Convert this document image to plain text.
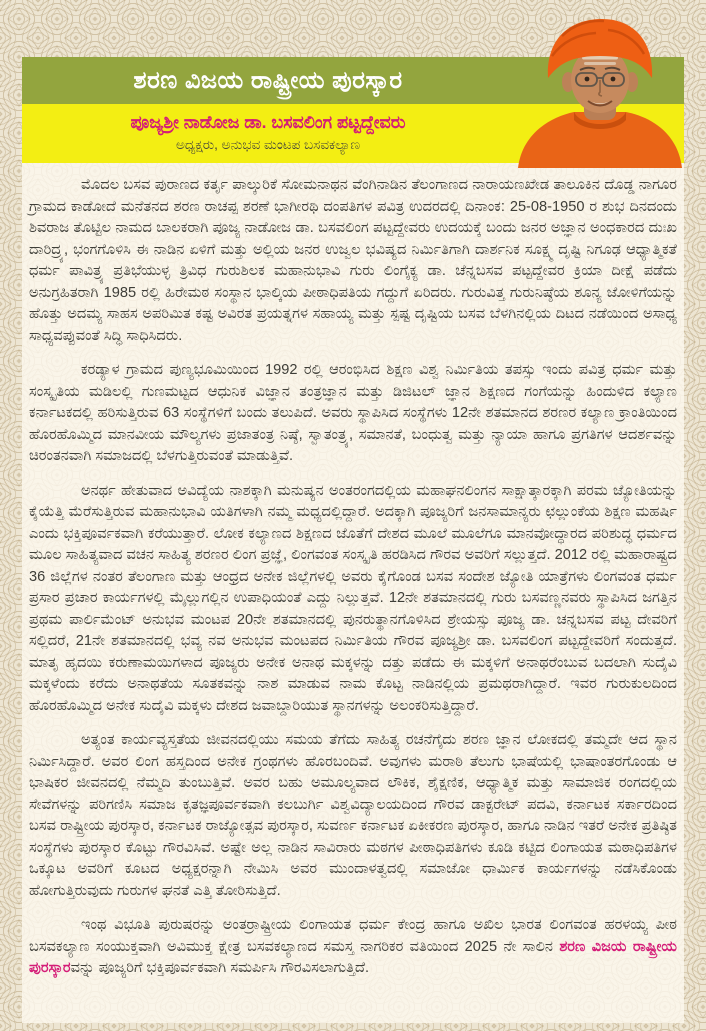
ಶರಣ ವಿಜಯ ರಾಷ್ಟ್ರೀಯ ಪುರಸ್ಕಾರ
ಪೂಜ್ಯಶ್ರೀ ನಾಡೋಜ ಡಾ. ಬಸವಲಿಂಗ ಪಟ್ಟದ್ದೇವರು
ಅಧ್ಯಕ್ಷರು, ಅನುಭವ ಮಂಟಪ ಬಸವಕಲ್ಯಾಣ

ಮೊದಲ ಬಸವ ಪುರಾಣದ ಕರ್ತೃ ಪಾಲ್ಕುರಿಕೆ ಸೋಮನಾಥನ ವೆಂಗಿನಾಡಿನ ತೆಲಂಗಾಣದ ನಾರಾಯಣಖೇಡ ತಾಲೂಕಿನ ದೊಡ್ಡ ನಾಗೂರ ಗ್ರಾಮದ ಕಾಡೋದೆ ಮನೆತನದ ಶರಣ ರಾಚಪ್ಪ ಶರಣೆ ಭಾಗೀರಥಿ ದಂಪತಿಗಳ ಪವಿತ್ರ ಉದರದಲ್ಲಿ ದಿನಾಂಕ: 25-08-1950 ರ ಶುಭ ದಿನದಂದು ಶಿವರಾಜ ತೊಟ್ಟಿಲ ನಾಮದ ಬಾಲಕರಾಗಿ ಪೂಜ್ಯ ನಾಡೋಜ ಡಾ. ಬಸವಲಿಂಗ ಪಟ್ಟದ್ದೇವರು ಉದಯಕ್ಕೆ ಬಂದು ಜನರ ಅಜ್ಞಾನ ಅಂಧಕಾರದ ದುಃಖ ದಾರಿದ್ರ್ಯ, ಭಂಗಗೊಳಿಸಿ ಈ ನಾಡಿನ ಏಳಿಗೆ ಮತ್ತು ಅಲ್ಲಿಯ ಜನರ ಉಜ್ವಲ ಭವಿಷ್ಯದ ನಿರ್ಮಿತಿಗಾಗಿ ದಾರ್ಶನಿಕ ಸೂಕ್ಷ್ಮ ದೃಷ್ಟಿ ನಿಗೂಢ ಆಧ್ಯಾತ್ಮಿಕತೆ ಧರ್ಮ ಪಾವಿತ್ರ್ಯ ಪ್ರತಿಭೆಯುಳ್ಳ ತ್ರಿವಿಧ ಗುರುಶಿಲಕ ಮಹಾನುಭಾವಿ ಗುರು ಲಿಂಗೈಕ್ಯ ಡಾ. ಚೆನ್ನಬಸವ ಪಟ್ಟದ್ದೇವರ ಕ್ರಿಯಾ ದೀಕ್ಷೆ ಪಡೆದು ಅನುಗ್ರಹಿತರಾಗಿ 1985 ರಲ್ಲಿ ಹಿರೇಮಠ ಸಂಸ್ಥಾನ ಭಾಲ್ಕಿಯ ಪೀಠಾಧಿಪತಿಯ ಗದ್ದುಗೆ ಏರಿದರು. ಗುರುವಿತ್ತ ಗುರುನಿಷ್ಠೆಯ ಶೂನ್ಯ ಜೋಳಿಗೆಯನ್ನು ಹೊತ್ತು ಅದಮ್ಯ ಸಾಹಸ ಅಪರಿಮಿತ ಕಷ್ಟ ಅವಿರತ ಪ್ರಯತ್ನಗಳ ಸಹಾಯ್ಯ ಮತ್ತು ಸ್ಪಷ್ಟ ದೃಷ್ಟಿಯ ಬಸವ ಬೆಳಗಿನಲ್ಲಿಯ ದಿಟದ ನಡೆಯಿಂದ ಅಸಾಧ್ಯ ಸಾಧ್ಯವಪ್ಪುವಂತೆ ಸಿದ್ಧಿ ಸಾಧಿಸಿದರು.

ಕರಡ್ಯಾಳ ಗ್ರಾಮದ ಪುಣ್ಯಭೂಮಿಯಿಂದ 1992 ರಲ್ಲಿ ಆರಂಭಿಸಿದ ಶಿಕ್ಷಣ ವಿಶ್ವ ನಿರ್ಮಿತಿಯ ತಪಸ್ಸು ಇಂದು ಪವಿತ್ರ ಧರ್ಮ ಮತ್ತು ಸಂಸ್ಕೃತಿಯ ಮಡಿಲಲ್ಲಿ ಗುಣಮಟ್ಟದ ಆಧುನಿಕ ವಿಜ್ಞಾನ ತಂತ್ರಜ್ಞಾನ ಮತ್ತು ಡಿಜಿಟಲ್ ಜ್ಞಾನ ಶಿಕ್ಷಣದ ಗಂಗೆಯನ್ನು ಹಿಂದುಳಿದ ಕಲ್ಯಾಣ ಕರ್ನಾಟಕದಲ್ಲಿ ಹರಿಸುತ್ತಿರುವ 63 ಸಂಸ್ಥೆಗಳಿಗೆ ಬಂದು ತಲುಪಿದೆ. ಅವರು ಸ್ಥಾಪಿಸಿದ ಸಂಸ್ಥೆಗಳು 12ನೇ ಶತಮಾನದ ಶರಣರ ಕಲ್ಯಾಣ ಕ್ರಾಂತಿಯಿಂದ ಹೊರಹೊಮ್ಮಿದ ಮಾನವೀಯ ಮೌಲ್ಯಗಳು ಪ್ರಜಾತಂತ್ರ ನಿಷ್ಠೆ, ಸ್ವಾತಂತ್ರ್ಯ, ಸಮಾನತೆ, ಬಂಧುತ್ವ ಮತ್ತು ನ್ಯಾಯಾ ಹಾಗೂ ಪ್ರಗತಿಗಳ ಆದರ್ಶವನ್ನು ಚಿರಂತನವಾಗಿ ಸಮಾಜದಲ್ಲಿ ಬೆಳಗುತ್ತಿರುವಂತೆ ಮಾಡುತ್ತಿವೆ.

ಅನರ್ಥ ಹೇತುವಾದ ಅವಿದ್ಯೆಯ ನಾಶಕ್ಕಾಗಿ ಮನುಷ್ಯನ ಅಂತರಂಗದಲ್ಲಿಯ ಮಹಾಘನಲಿಂಗನ ಸಾಕ್ಷಾತ್ಕಾರಕ್ಕಾಗಿ ಪರಮ ಜ್ಯೋತಿಯನ್ನು ಕೈಯೆತ್ತಿ ಮೆರೆಸುತ್ತಿರುವ ಮಹಾನುಭಾವಿ ಯತಿಗಳಾಗಿ ನಮ್ಮ ಮಧ್ಯದಲ್ಲಿದ್ದಾರೆ. ಅದಕ್ಕಾಗಿ ಪೂಜ್ಯರಿಗೆ ಜನಸಾಮಾನ್ಯರು ಛಲ್ಲುಂಕೆಯ ಶಿಕ್ಷಣ ಮಹರ್ಷಿ ಎಂದು ಭಕ್ತಿಪೂರ್ವಕವಾಗಿ ಕರೆಯುತ್ತಾರೆ. ಲೋಕ ಕಲ್ಯಾಣದ ಶಿಕ್ಷಣದ ಜೊತೆಗೆ ದೇಶದ ಮೂಲೆ ಮೂಲೆಗೂ ಮಾನವೋದ್ಧಾರದ ಪರಿಶುದ್ಧ ಧರ್ಮದ ಮೂಲ ಸಾಹಿತ್ಯವಾದ ವಚನ ಸಾಹಿತ್ಯ ಶರಣರ ಲಿಂಗ ಪ್ರಜ್ಞೆ, ಲಿಂಗವಂತ ಸಂಸ್ಕೃತಿ ಹರಡಿಸಿದ ಗೌರವ ಅವರಿಗೆ ಸಲ್ಲುತ್ತದೆ. 2012 ರಲ್ಲಿ ಮಹಾರಾಷ್ಟ್ರದ 36 ಜಿಲ್ಲೆಗಳ ನಂತರ ತೆಲಂಗಾಣ ಮತ್ತು ಆಂಧ್ರದ ಅನೇಕ ಜಿಲ್ಲೆಗಳಲ್ಲಿ ಅವರು ಕೈಗೊಂಡ ಬಸವ ಸಂದೇಶ ಜ್ಯೋತಿ ಯಾತ್ರೆಗಳು ಲಿಂಗವಂತ ಧರ್ಮ ಪ್ರಸಾರ ಪ್ರಚಾರ ಕಾರ್ಯಗಳಲ್ಲಿ ಮೈಲ್ಲುಗಲ್ಲಿನ ಉಪಾಧಿಯಂತೆ ಎದ್ದು ನಿಲ್ಲುತ್ತವೆ. 12ನೇ ಶತಮಾನದಲ್ಲಿ ಗುರು ಬಸವಣ್ಣನವರು ಸ್ಥಾಪಿಸಿದ ಜಗತ್ತಿನ ಪ್ರಥಮ ಪಾರ್ಲಿಮೆಂಟ್ ಅನುಭವ ಮಂಟಪ 20ನೇ ಶತಮಾನದಲ್ಲಿ ಪುನರುತ್ಥಾನಗೊಳಿಸಿದ ಶ್ರೇಯಸ್ಸು ಪೂಜ್ಯ ಡಾ. ಚನ್ನಬಸವ ಪಟ್ಟ ದೇವರಿಗೆ ಸಲ್ಲಿದರೆ, 21ನೇ ಶತಮಾನದಲ್ಲಿ ಭವ್ಯ ನವ ಅನುಭವ ಮಂಟಪದ ನಿರ್ಮಿತಿಯ ಗೌರವ ಪೂಜ್ಯಶ್ರೀ ಡಾ. ಬಸವಲಿಂಗ ಪಟ್ಟದ್ದೇವರಿಗೆ ಸಂದುತ್ತದೆ. ಮಾತೃ ಹೃದಯಿ ಕರುಣಾಮಯಿಗಳಾದ ಪೂಜ್ಯರು ಅನೇಕ ಅನಾಥ ಮಕ್ಕಳನ್ನು ದತ್ತು ಪಡೆದು ಈ ಮಕ್ಕಳಿಗೆ ಅನಾಥರೆಂಬುವ ಬದಲಾಗಿ ಸುದೈವಿ ಮಕ್ಕಳೆಂದು ಕರೆದು ಅನಾಥತೆಯ ಸೂತಕವನ್ನು ನಾಶ ಮಾಡುವ ನಾಮ ಕೊಟ್ಟ ನಾಡಿನಲ್ಲಿಯ ಪ್ರಮಥರಾಗಿದ್ದಾರೆ. ಇವರ ಗುರುಕುಲದಿಂದ ಹೊರಹೊಮ್ಮಿದ ಅನೇಕ ಸುದೈವಿ ಮಕ್ಕಳು ದೇಶದ ಜವಾಬ್ದಾರಿಯುತ ಸ್ಥಾನಗಳನ್ನು ಅಲಂಕರಿಸುತ್ತಿದ್ದಾರೆ.

ಅತ್ಯಂತ ಕಾರ್ಯವ್ಯಸ್ತತೆಯ ಜೀವನದಲ್ಲಿಯು ಸಮಯ ತೆಗೆದು ಸಾಹಿತ್ಯ ರಚನೆಗೈದು ಶರಣ ಜ್ಞಾನ ಲೋಕದಲ್ಲಿ ತಮ್ಮದೇ ಆದ ಸ್ಥಾನ ನಿರ್ಮಿಸಿದ್ದಾರೆ. ಅವರ ಲಿಂಗ ಹಸ್ತದಿಂದ ಅನೇಕ ಗ್ರಂಥಗಳು ಹೊರಬಂದಿವೆ. ಅವುಗಳು ಮರಾಠಿ ತೆಲುಗು ಭಾಷೆಯಲ್ಲಿ ಭಾಷಾಂತರಗೊಂಡು ಆ ಭಾಷಿಕರ ಜೀವನದಲ್ಲಿ ನೆಮ್ಮದಿ ತುಂಬುತ್ತಿವೆ. ಅವರ ಬಹು ಅಮೂಲ್ಯವಾದ ಲೌಕಿಕ, ಶೈಕ್ಷಣಿಕ, ಆಧ್ಯಾತ್ಮಿಕ ಮತ್ತು ಸಾಮಾಜಿಕ ರಂಗದಲ್ಲಿಯ ಸೇವೆಗಳನ್ನು ಪರಿಗಣಿಸಿ ಸಮಾಜ ಕೃತಜ್ಞಪೂರ್ವಕವಾಗಿ ಕಲಬುರ್ಗಿ ವಿಶ್ವವಿದ್ಯಾಲಯದಿಂದ ಗೌರವ ಡಾಕ್ಟರೇಟ್ ಪದವಿ, ಕರ್ನಾಟಕ ಸರ್ಕಾರದಿಂದ ಬಸವ ರಾಷ್ಟ್ರೀಯ ಪುರಸ್ಕಾರ, ಕರ್ನಾಟಕ ರಾಜ್ಯೋತ್ಸವ ಪುರಸ್ಕಾರ, ಸುವರ್ಣ ಕರ್ನಾಟಕ ಏಕೀಕರಣ ಪುರಸ್ಕಾರ, ಹಾಗೂ ನಾಡಿನ ಇತರೆ ಅನೇಕ ಪ್ರತಿಷ್ಠಿತ ಸಂಸ್ಥೆಗಳು ಪುರಸ್ಕಾರ ಕೊಟ್ಟು ಗೌರವಿಸಿವೆ. ಅಷ್ಟೇ ಅಲ್ಲ ನಾಡಿನ ಸಾವಿರಾರು ಮಠಗಳ ಪೀಠಾಧಿಪತಿಗಳು ಕೂಡಿ ಕಟ್ಟಿದ ಲಿಂಗಾಯತ ಮಠಾಧಿಪತಿಗಳ ಒಕ್ಕೂಟ ಅವರಿಗೆ ಕೂಟದ ಅಧ್ಯಕ್ಷರನ್ನಾಗಿ ನೇಮಿಸಿ ಅವರ ಮುಂದಾಳತ್ವದಲ್ಲಿ ಸಮಾಜೋ ಧಾರ್ಮಿಕ ಕಾರ್ಯಗಳನ್ನು ನಡೆಸಿಕೊಂಡು ಹೋಗುತ್ತಿರುವುದು ಗುರುಗಳ ಘನತೆ ಎತ್ತಿ ತೋರಿಸುತ್ತಿದೆ.

ಇಂಥ ವಿಭೂತಿ ಪುರುಷರನ್ನು ಅಂತರ್ರಾಷ್ಟ್ರೀಯ ಲಿಂಗಾಯತ ಧರ್ಮ ಕೇಂದ್ರ ಹಾಗೂ ಅಖಿಲ ಭಾರತ ಲಿಂಗವಂತ ಹರಳಯ್ಯ ಪೀಠ ಬಸವಕಲ್ಯಾಣ ಸಂಯುಕ್ತವಾಗಿ ಅವಿಮುಕ್ತ ಕ್ಷೇತ್ರ ಬಸವಕಲ್ಯಾಣದ ಸಮಸ್ತ ನಾಗರಿಕರ ವತಿಯಿಂದ 2025 ನೇ ಸಾಲಿನ ಶರಣ ವಿಜಯ ರಾಷ್ಟ್ರೀಯ ಪುರಸ್ಕಾರವನ್ನು ಪೂಜ್ಯರಿಗೆ ಭಕ್ತಿಪೂರ್ವಕವಾಗಿ ಸಮರ್ಪಿಸಿ ಗೌರವಿಸಲಾಗುತ್ತಿದೆ.
